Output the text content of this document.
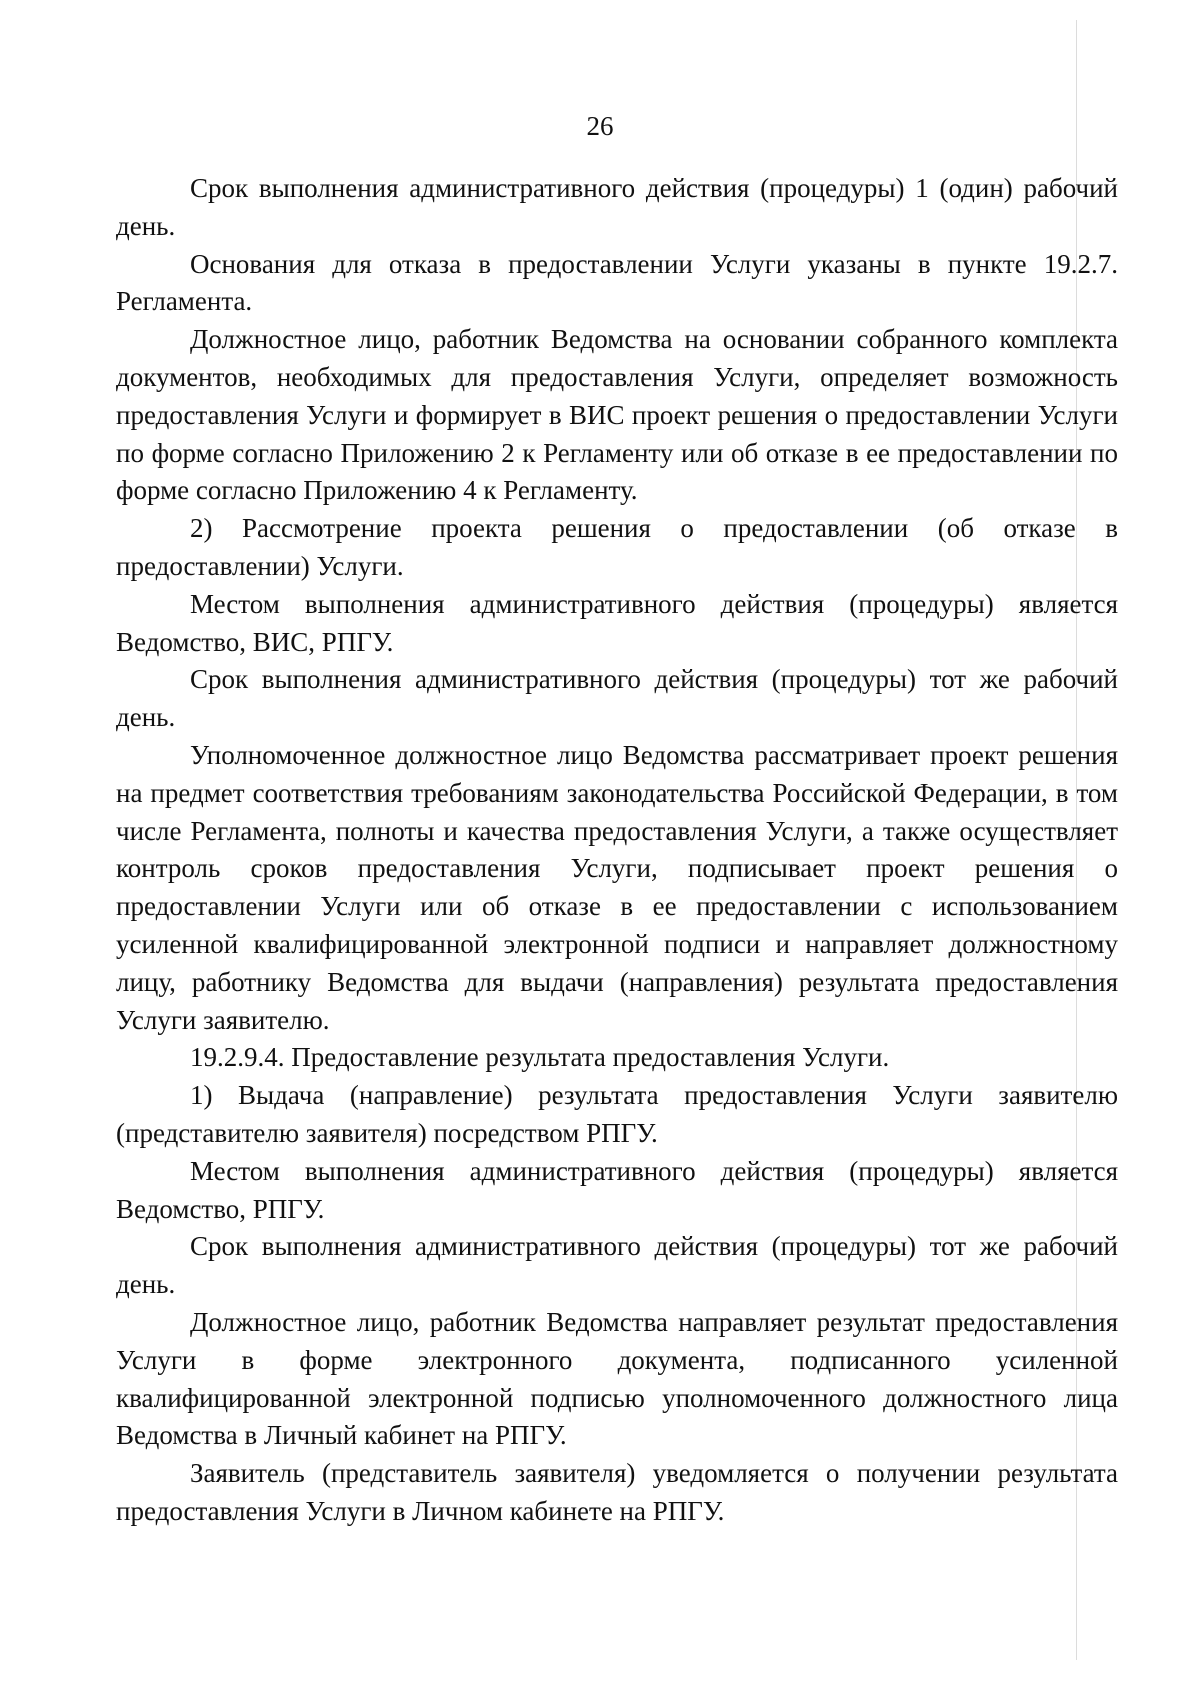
26

Срок выполнения административного действия (процедуры) 1 (один) рабочий день.

Основания для отказа в предоставлении Услуги указаны в пункте 19.2.7. Регламента.

Должностное лицо, работник Ведомства на основании собранного комплекта документов, необходимых для предоставления Услуги, определяет возможность предоставления Услуги и формирует в ВИС проект решения о предоставлении Услуги по форме согласно Приложению 2 к Регламенту или об отказе в ее предоставлении по форме согласно Приложению 4 к Регламенту.

2) Рассмотрение проекта решения о предоставлении (об отказе в предоставлении) Услуги.

Местом выполнения административного действия (процедуры) является Ведомство, ВИС, РПГУ.

Срок выполнения административного действия (процедуры) тот же рабочий день.

Уполномоченное должностное лицо Ведомства рассматривает проект решения на предмет соответствия требованиям законодательства Российской Федерации, в том числе Регламента, полноты и качества предоставления Услуги, а также осуществляет контроль сроков предоставления Услуги, подписывает проект решения о предоставлении Услуги или об отказе в ее предоставлении с использованием усиленной квалифицированной электронной подписи и направляет должностному лицу, работнику Ведомства для выдачи (направления) результата предоставления Услуги заявителю.

19.2.9.4. Предоставление результата предоставления Услуги.

1) Выдача (направление) результата предоставления Услуги заявителю (представителю заявителя) посредством РПГУ.

Местом выполнения административного действия (процедуры) является Ведомство, РПГУ.

Срок выполнения административного действия (процедуры) тот же рабочий день.

Должностное лицо, работник Ведомства направляет результат предоставления Услуги в форме электронного документа, подписанного усиленной квалифицированной электронной подписью уполномоченного должностного лица Ведомства в Личный кабинет на РПГУ.

Заявитель (представитель заявителя) уведомляется о получении результата предоставления Услуги в Личном кабинете на РПГУ.
